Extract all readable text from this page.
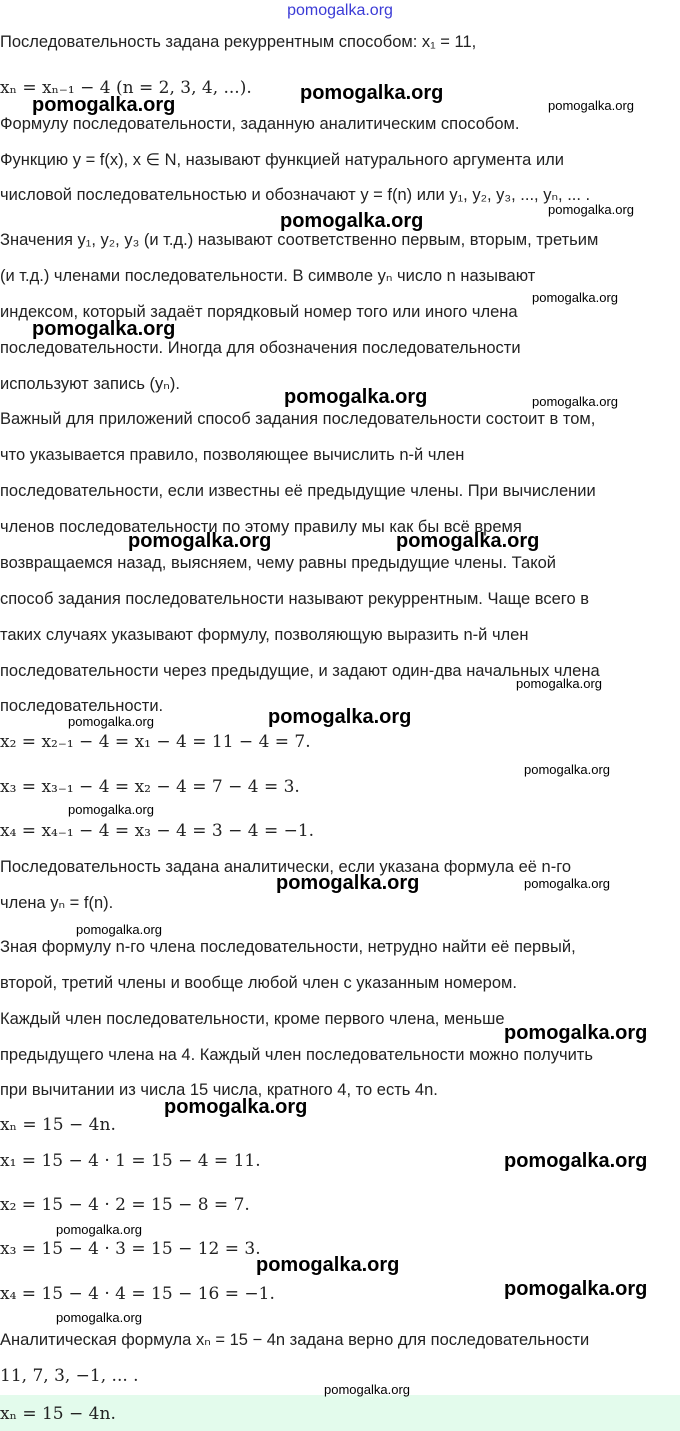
pomogalka.org
Последовательность задана рекуррентным способом: x₁ = 11,
xₙ = xₙ₋₁ − 4 (n = 2, 3, 4, ...).
Формулу последовательности, заданную аналитическим способом.
Функцию y = f(x), x ∈ N, называют функцией натурального аргумента или
числовой последовательностью и обозначают y = f(n) или y₁, y₂, y₃, ..., yₙ, ... .
Значения y₁, y₂, y₃ (и т.д.) называют соответственно первым, вторым, третьим
(и т.д.) членами последовательности. В символе yₙ число n называют
индексом, который задаёт порядковый номер того или иного члена
последовательности. Иногда для обозначения последовательности
используют запись (yₙ).
Важный для приложений способ задания последовательности состоит в том,
что указывается правило, позволяющее вычислить n-й член
последовательности, если известны её предыдущие члены. При вычислении
членов последовательности по этому правилу мы как бы всё время
возвращаемся назад, выясняем, чему равны предыдущие члены. Такой
способ задания последовательности называют рекуррентным. Чаще всего в
таких случаях указывают формулу, позволяющую выразить n-й член
последовательности через предыдущие, и задают один-два начальных члена
последовательности.
x₂ = x₂₋₁ − 4 = x₁ − 4 = 11 − 4 = 7.
x₃ = x₃₋₁ − 4 = x₂ − 4 = 7 − 4 = 3.
x₄ = x₄₋₁ − 4 = x₃ − 4 = 3 − 4 = −1.
Последовательность задана аналитически, если указана формула её n-го
члена yₙ = f(n).
Зная формулу n-го члена последовательности, нетрудно найти её первый,
второй, третий члены и вообще любой член с указанным номером.
Каждый член последовательности, кроме первого члена, меньше
предыдущего члена на 4. Каждый член последовательности можно получить
при вычитании из числа 15 числа, кратного 4, то есть 4n.
xₙ = 15 − 4n.
x₁ = 15 − 4 · 1 = 15 − 4 = 11.
x₂ = 15 − 4 · 2 = 15 − 8 = 7.
x₃ = 15 − 4 · 3 = 15 − 12 = 3.
x₄ = 15 − 4 · 4 = 15 − 16 = −1.
Аналитическая формула xₙ = 15 − 4n задана верно для последовательности
11, 7, 3, −1, ... .
xₙ = 15 − 4n.
pomogalka.org
pomogalka.org
pomogalka.org
pomogalka.org
pomogalka.org
pomogalka.org
pomogalka.org
pomogalka.org	pomogalka.org
pomogalka.org	pomogalka.org
pomogalka.org
pomogalka.org	pomogalka.org
pomogalka.org
pomogalka.org
pomogalka.org	pomogalka.org
pomogalka.org
pomogalka.org
pomogalka.org
pomogalka.org
pomogalka.org
pomogalka.org
pomogalka.org
pomogalka.org
pomogalka.org
